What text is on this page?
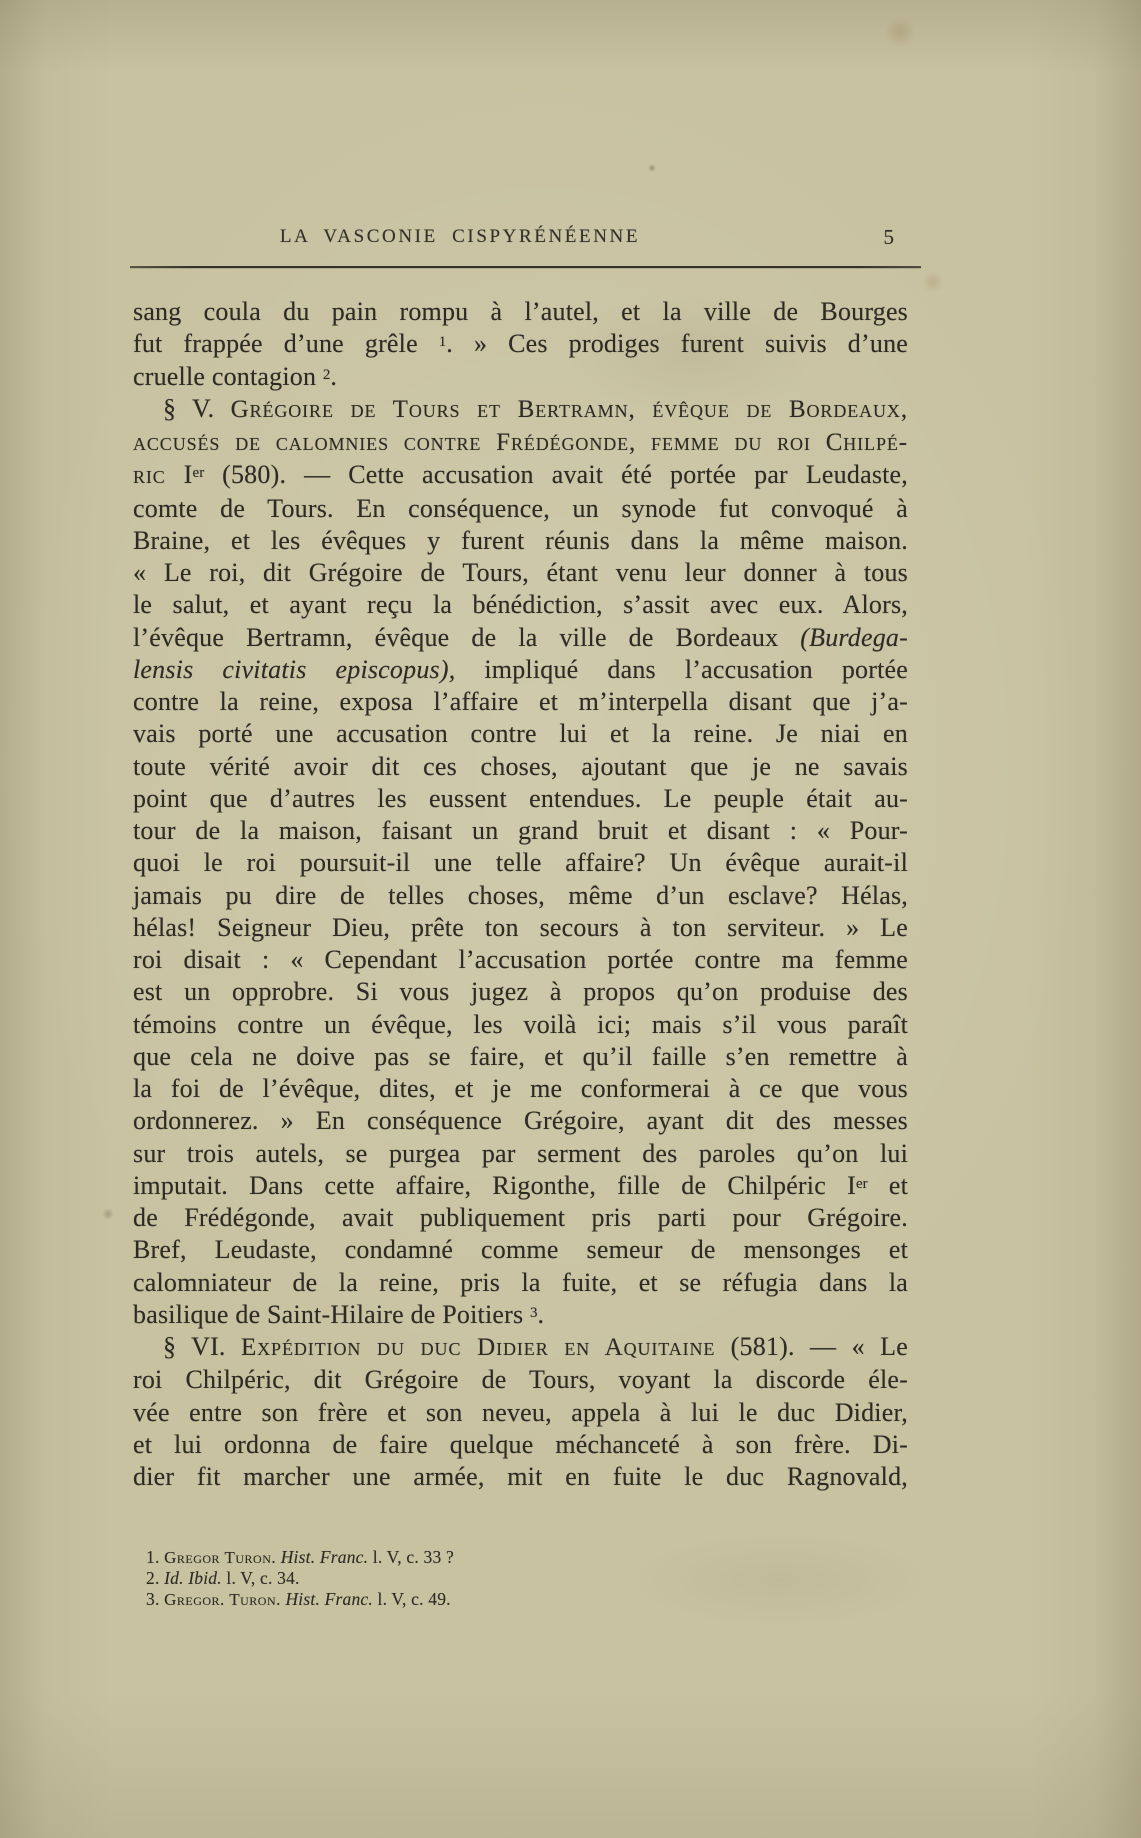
LA VASCONIE CISPYRÉNÉENNE	5
sang coula du pain rompu à l’autel, et la ville de Bourges
fut frappée d’une grêle $^1$. » Ces prodiges furent suivis d’une
cruelle contagion $^2$.
§ V. Grégoire de Tours et Bertramn, évêque de Bordeaux,
accusés de calomnies contre Frédégonde, femme du roi Chilpé-
ric Ier (580). — Cette accusation avait été portée par Leudaste,
comte de Tours. En conséquence, un synode fut convoqué à
Braine, et les évêques y furent réunis dans la même maison.
« Le roi, dit Grégoire de Tours, étant venu leur donner à tous
le salut, et ayant reçu la bénédiction, s’assit avec eux. Alors,
l’évêque Bertramn, évêque de la ville de Bordeaux (Burdega-
lensis civitatis episcopus), impliqué dans l’accusation portée
contre la reine, exposa l’affaire et m’interpella disant que j’a-
vais porté une accusation contre lui et la reine. Je niai en
toute vérité avoir dit ces choses, ajoutant que je ne savais
point que d’autres les eussent entendues. Le peuple était au-
tour de la maison, faisant un grand bruit et disant : « Pour-
quoi le roi poursuit-il une telle affaire? Un évêque aurait-il
jamais pu dire de telles choses, même d’un esclave? Hélas,
hélas! Seigneur Dieu, prête ton secours à ton serviteur. » Le
roi disait : « Cependant l’accusation portée contre ma femme
est un opprobre. Si vous jugez à propos qu’on produise des
témoins contre un évêque, les voilà ici; mais s’il vous paraît
que cela ne doive pas se faire, et qu’il faille s’en remettre à
la foi de l’évêque, dites, et je me conformerai à ce que vous
ordonnerez. » En conséquence Grégoire, ayant dit des messes
sur trois autels, se purgea par serment des paroles qu’on lui
imputait. Dans cette affaire, Rigonthe, fille de Chilpéric Ier et
de Frédégonde, avait publiquement pris parti pour Grégoire.
Bref, Leudaste, condamné comme semeur de mensonges et
calomniateur de la reine, pris la fuite, et se réfugia dans la
basilique de Saint-Hilaire de Poitiers $^3$.
§ VI. Expédition du duc Didier en Aquitaine (581). — « Le
roi Chilpéric, dit Grégoire de Tours, voyant la discorde éle-
vée entre son frère et son neveu, appela à lui le duc Didier,
et lui ordonna de faire quelque méchanceté à son frère. Di-
dier fit marcher une armée, mit en fuite le duc Ragnovald,
1. Gregor Turon. Hist. Franc. l. V, c. 33 ?
2. Id. Ibid. l. V, c. 34.
3. Gregor. Turon. Hist. Franc. l. V, c. 49.
